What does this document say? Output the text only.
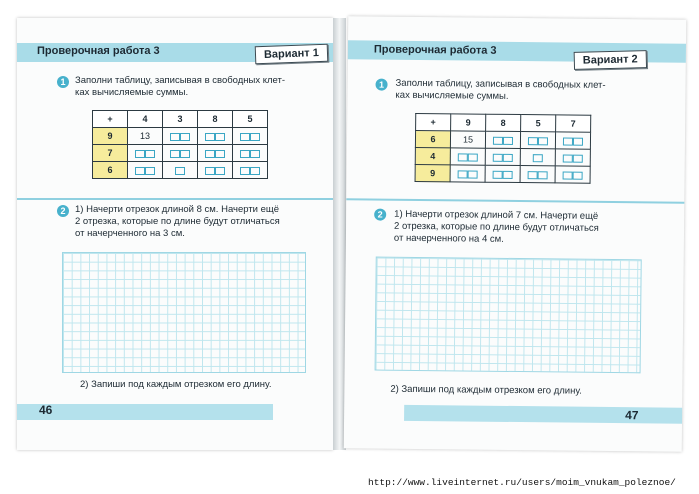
Проверочная работа 3	Вариант 1
1	Заполни таблицу, записывая в свободных клет-
ках вычисляемые суммы.
+	4	3	8	5
9	13			
7				
6				
2	1) Начерти отрезок длиной 8 см. Начерти ещё
2 отрезка, которые по длине будут отличаться
от начерченного на 3 см.
2) Запиши под каждым отрезком его длину.
46
Проверочная работа 3
Вариант 2
1	Заполни таблицу, записывая в свободных клет-
ках вычисляемые суммы.
+	9	8	5	7
6	15			
4				
9				
2	1) Начерти отрезок длиной 7 см. Начерти ещё
2 отрезка, которые по длине будут отличаться
от начерченного на 4 см.
2) Запиши под каждым отрезком его длину.
47
http://www.liveinternet.ru/users/moim_vnukam_poleznoe/
